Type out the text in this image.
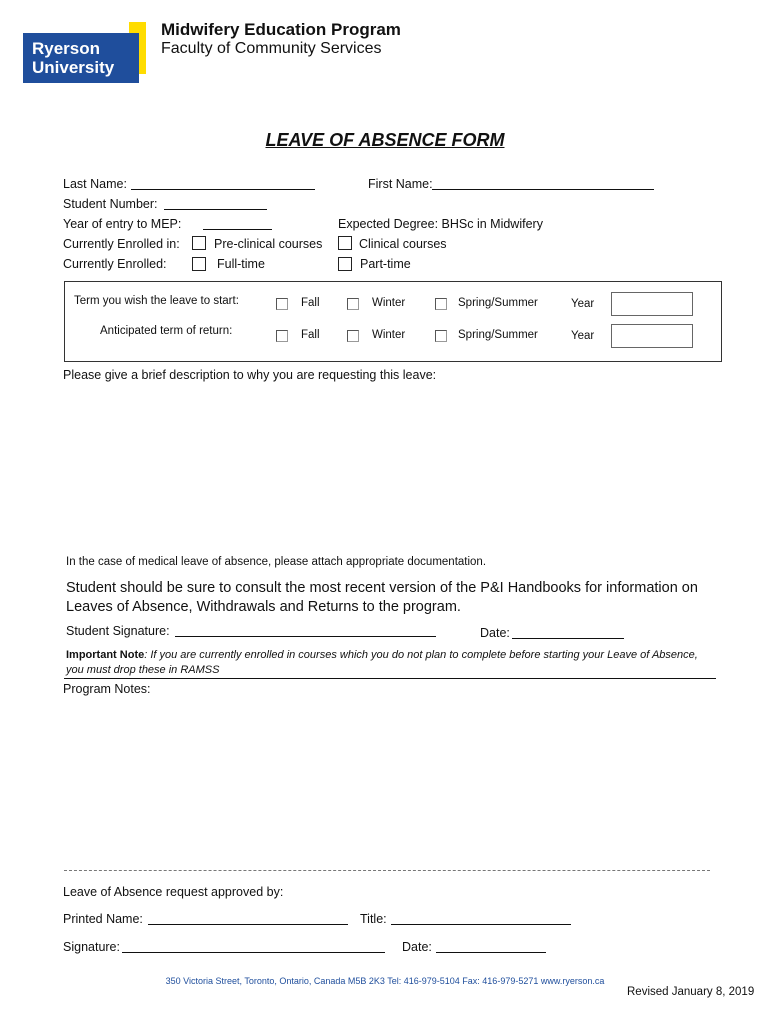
Ryerson
University
Midwifery Education Program
Faculty of Community Services
LEAVE OF ABSENCE FORM
Last Name:	First Name:
Student Number:
Year of entry to MEP:	Expected Degree: BHSc in Midwifery
Currently Enrolled in:	Pre-clinical courses	Clinical courses
Currently Enrolled:	Full-time	Part-time
Term you wish the leave to start:	Fall	Winter	Spring/Summer	Year
Anticipated term of return:	Fall	Winter	Spring/Summer	Year
Please give a brief description to why you are requesting this leave:
In the case of medical leave of absence, please attach appropriate documentation.
Student should be sure to consult the most recent version of the P&I Handbooks for information on
Leaves of Absence, Withdrawals and Returns to the program.
Student Signature:	Date:
Important Note: If you are currently enrolled in courses which you do not plan to complete before starting your Leave of Absence,
you must drop these in RAMSS
Program Notes:
Leave of Absence request approved by:
Printed Name:	Title:
Signature:	Date:
350 Victoria Street, Toronto, Ontario, Canada M5B 2K3 Tel: 416-979-5104 Fax: 416-979-5271 www.ryerson.ca
Revised January 8, 2019
